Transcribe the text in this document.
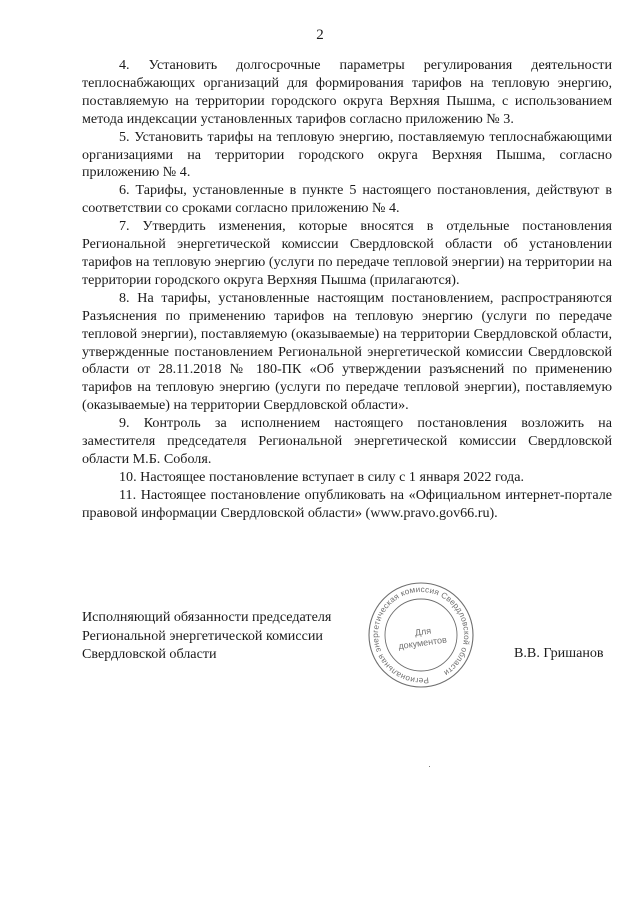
2

4. Установить долгосрочные параметры регулирования деятельности теплоснабжающих организаций для формирования тарифов на тепловую энергию, поставляемую на территории городского округа Верхняя Пышма, с использованием метода индексации установленных тарифов согласно приложению № 3.

5. Установить тарифы на тепловую энергию, поставляемую теплоснабжающими организациями на территории городского округа Верхняя Пышма, согласно приложению № 4.

6. Тарифы, установленные в пункте 5 настоящего постановления, действуют в соответствии со сроками согласно приложению № 4.

7. Утвердить изменения, которые вносятся в отдельные постановления Региональной энергетической комиссии Свердловской области об установлении тарифов на тепловую энергию (услуги по передаче тепловой энергии) на территории на территории городского округа Верхняя Пышма (прилагаются).

8. На тарифы, установленные настоящим постановлением, распространяются Разъяснения по применению тарифов на тепловую энергию (услуги по передаче тепловой энергии), поставляемую (оказываемые) на территории Свердловской области, утвержденные постановлением Региональной энергетической комиссии Свердловской области от 28.11.2018 № 180-ПК «Об утверждении разъяснений по применению тарифов на тепловую энергию (услуги по передаче тепловой энергии), поставляемую (оказываемые) на территории Свердловской области».

9. Контроль за исполнением настоящего постановления возложить на заместителя председателя Региональной энергетической комиссии Свердловской области М.Б. Соболя.

10. Настоящее постановление вступает в силу с 1 января 2022 года.

11. Настоящее постановление опубликовать на «Официальном интернет-портале правовой информации Свердловской области» (www.pravo.gov66.ru).

Исполняющий обязанности председателя
Региональной энергетической комиссии
Свердловской области
Региональная энергетическая комиссия Свердловской области
Для
документов
В.В. Гришанов
